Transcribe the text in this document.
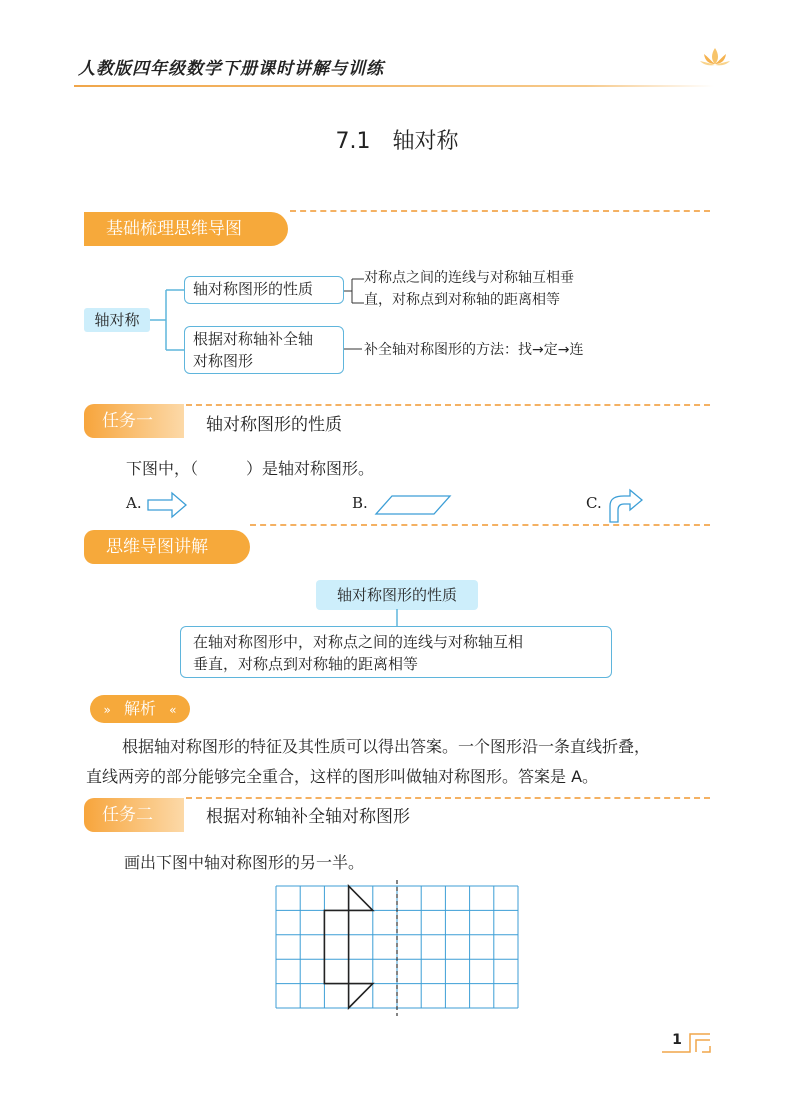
人教版四年级数学下册课时讲解与训练
7.1　轴对称
基础梳理思维导图
轴对称
轴对称图形的性质
对称点之间的连线与对称轴互相垂
直，对称点到对称轴的距离相等
根据对称轴补全轴
对称图形
补全轴对称图形的方法：找→定→连
任务一	轴对称图形的性质
下图中，（　　　）是轴对称图形。
A.	B.	C.
思维导图讲解
轴对称图形的性质
在轴对称图形中，对称点之间的连线与对称轴互相
垂直，对称点到对称轴的距离相等
» 解析 «
根据轴对称图形的特征及其性质可以得出答案。一个图形沿一条直线折叠，
直线两旁的部分能够完全重合，这样的图形叫做轴对称图形。答案是 A。
任务二	根据对称轴补全轴对称图形
画出下图中轴对称图形的另一半。
1
